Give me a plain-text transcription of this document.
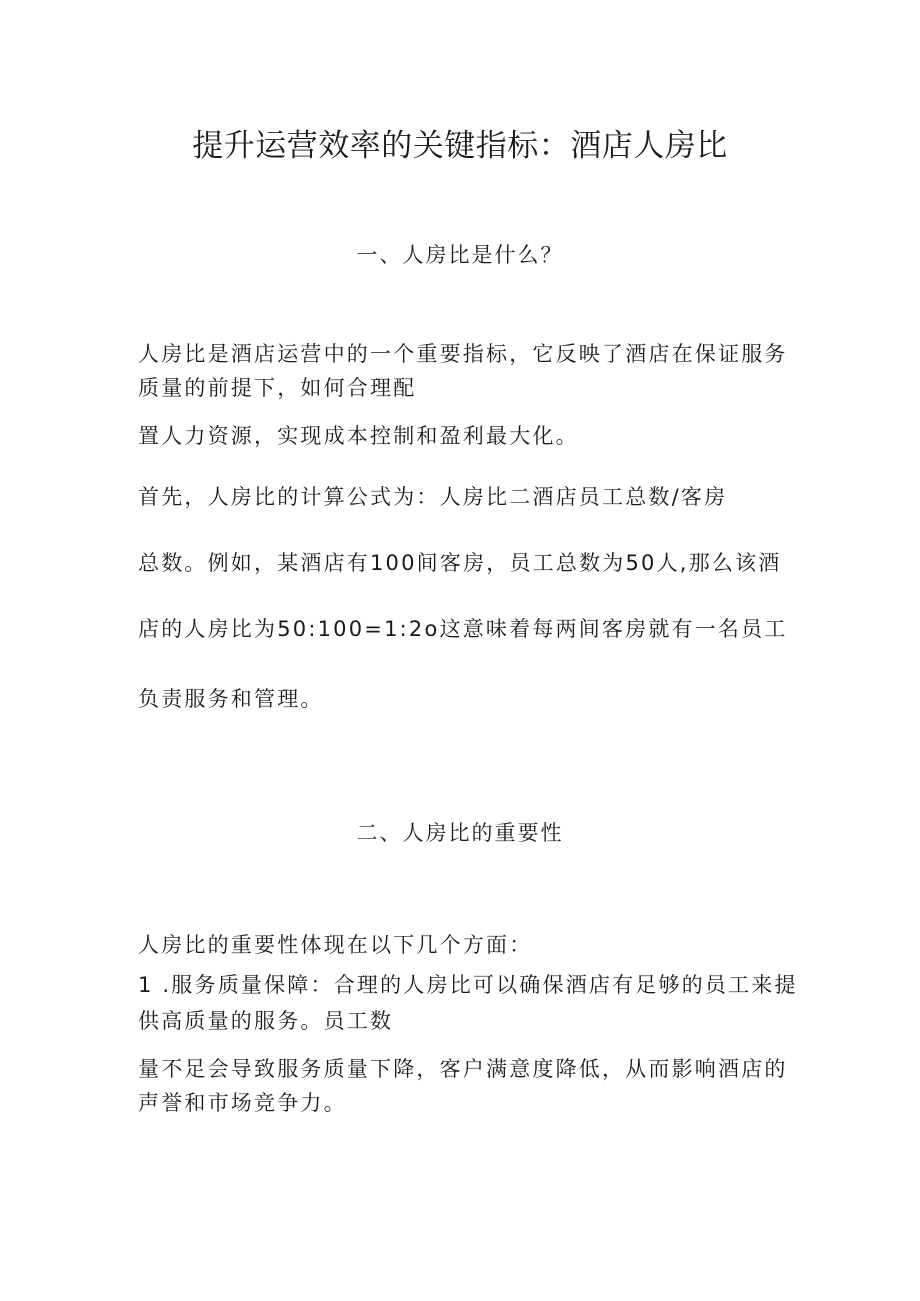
提升运营效率的关键指标：酒店人房比
一、人房比是什么？

人房比是酒店运营中的一个重要指标，它反映了酒店在保证服务

质量的前提下，如何合理配

置人力资源，实现成本控制和盈利最大化。

首先，人房比的计算公式为：人房比二酒店员工总数/客房

总数。例如，某酒店有100间客房，员工总数为50人,那么该酒

店的人房比为50:100=1:2o这意味着每两间客房就有一名员工

负责服务和管理。

二、人房比的重要性

人房比的重要性体现在以下几个方面：

1 .服务质量保障：合理的人房比可以确保酒店有足够的员工来提

供高质量的服务。员工数

量不足会导致服务质量下降，客户满意度降低，从而影响酒店的

声誉和市场竞争力。
